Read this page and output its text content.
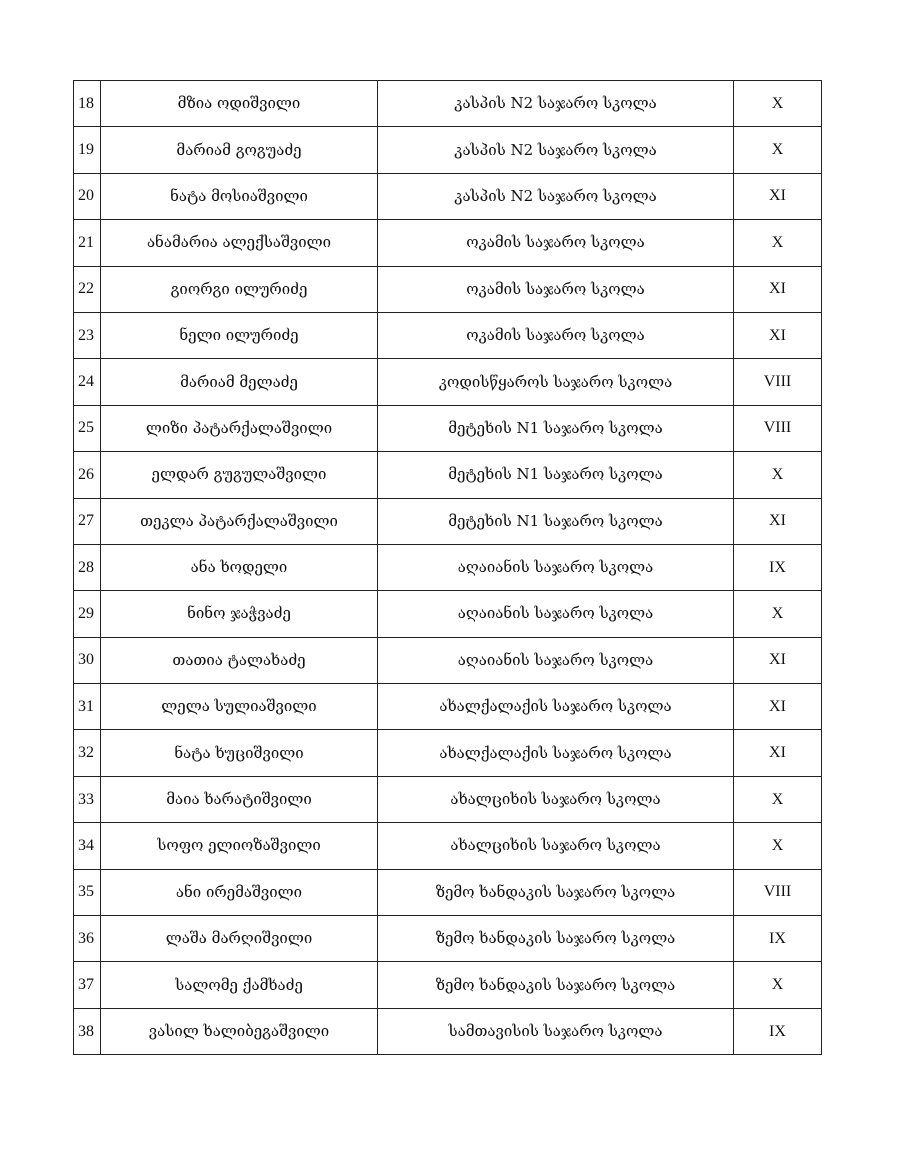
18	მზია ოდიშვილი	კასპის N2 საჯარო სკოლა	X
19	მარიამ გოგუაძე	კასპის N2 საჯარო სკოლა	X
20	ნატა მოსიაშვილი	კასპის N2 საჯარო სკოლა	XI
21	ანამარია ალექსაშვილი	ოკამის საჯარო სკოლა	X
22	გიორგი ილურიძე	ოკამის საჯარო სკოლა	XI
23	ნელი ილურიძე	ოკამის საჯარო სკოლა	XI
24	მარიამ მელაძე	კოდისწყაროს საჯარო სკოლა	VIII
25	ლიზი პატარქალაშვილი	მეტეხის N1 საჯარო სკოლა	VIII
26	ელდარ გუგულაშვილი	მეტეხის N1 საჯარო სკოლა	X
27	თეკლა პატარქალაშვილი	მეტეხის N1 საჯარო სკოლა	XI
28	ანა ხოდელი	აღაიანის საჯარო სკოლა	IX
29	ნინო ჯაჭვაძე	აღაიანის საჯარო სკოლა	X
30	თათია ტალახაძე	აღაიანის საჯარო სკოლა	XI
31	ლელა სულიაშვილი	ახალქალაქის საჯარო სკოლა	XI
32	ნატა ხუციშვილი	ახალქალაქის საჯარო სკოლა	XI
33	მაია ხარატიშვილი	ახალციხის საჯარო სკოლა	X
34	სოფო ელიოზაშვილი	ახალციხის საჯარო სკოლა	X
35	ანი ირემაშვილი	ზემო ხანდაკის საჯარო სკოლა	VIII
36	ლაშა მარღიშვილი	ზემო ხანდაკის საჯარო სკოლა	IX
37	სალომე ქამხაძე	ზემო ხანდაკის საჯარო სკოლა	X
38	ვასილ ხალიბეგაშვილი	სამთავისის საჯარო სკოლა	IX
